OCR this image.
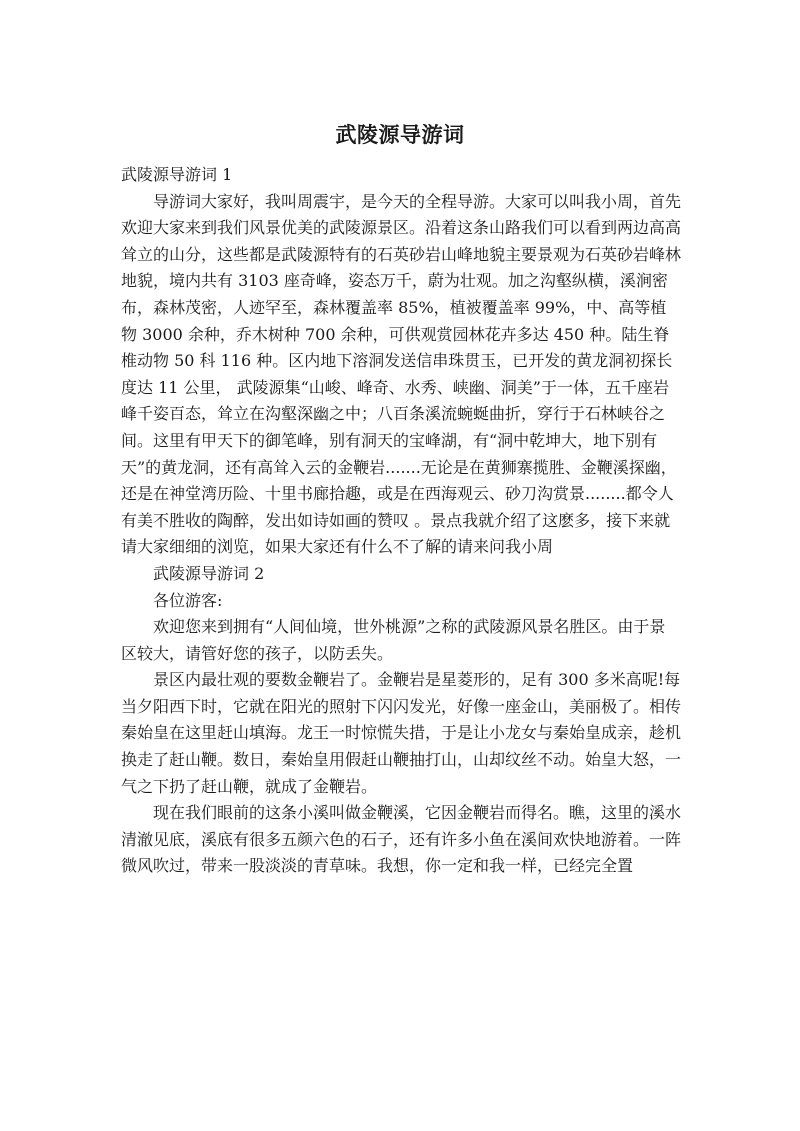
武陵源导游词

武陵源导游词 1

导游词大家好，我叫周震宇，是今天的全程导游。大家可以叫我小周，首先欢迎大家来到我们风景优美的武陵源景区。沿着这条山路我们可以看到两边高高耸立的山分，这些都是武陵源特有的石英砂岩山峰地貌主要景观为石英砂岩峰林地貌，境内共有 3103 座奇峰，姿态万千，蔚为壮观。加之沟壑纵横，溪涧密布，森林茂密，人迹罕至，森林覆盖率 85%，植被覆盖率 99%，中、高等植物 3000 余种，乔木树种 700 余种，可供观赏园林花卉多达 450 种。陆生脊椎动物 50 科 116 种。区内地下溶洞发送信串珠贯玉，已开发的黄龙洞初探长度达 11 公里， 武陵源集“山峻、峰奇、水秀、峡幽、洞美”于一体，五千座岩峰千姿百态，耸立在沟壑深幽之中；八百条溪流蜿蜒曲折，穿行于石林峡谷之间。这里有甲天下的御笔峰，别有洞天的宝峰湖，有“洞中乾坤大，地下别有天”的黄龙洞，还有高耸入云的金鞭岩.......无论是在黄狮寨揽胜、金鞭溪探幽，还是在神堂湾历险、十里书廊拾趣，或是在西海观云、砂刀沟赏景........都令人有美不胜收的陶醉，发出如诗如画的赞叹 。景点我就介绍了这麽多，接下来就请大家细细的浏览，如果大家还有什么不了解的请来问我小周

武陵源导游词 2

各位游客:

欢迎您来到拥有“人间仙境，世外桃源”之称的武陵源风景名胜区。由于景区较大，请管好您的孩子，以防丢失。

景区内最壮观的要数金鞭岩了。金鞭岩是星菱形的，足有 300 多米高呢!每当夕阳西下时，它就在阳光的照射下闪闪发光，好像一座金山，美丽极了。相传秦始皇在这里赶山填海。龙王一时惊慌失措，于是让小龙女与秦始皇成亲，趁机换走了赶山鞭。数日，秦始皇用假赶山鞭抽打山，山却纹丝不动。始皇大怒，一气之下扔了赶山鞭，就成了金鞭岩。

现在我们眼前的这条小溪叫做金鞭溪，它因金鞭岩而得名。瞧，这里的溪水清澈见底，溪底有很多五颜六色的石子，还有许多小鱼在溪间欢快地游着。一阵微风吹过，带来一股淡淡的青草味。我想，你一定和我一样，已经完全置
